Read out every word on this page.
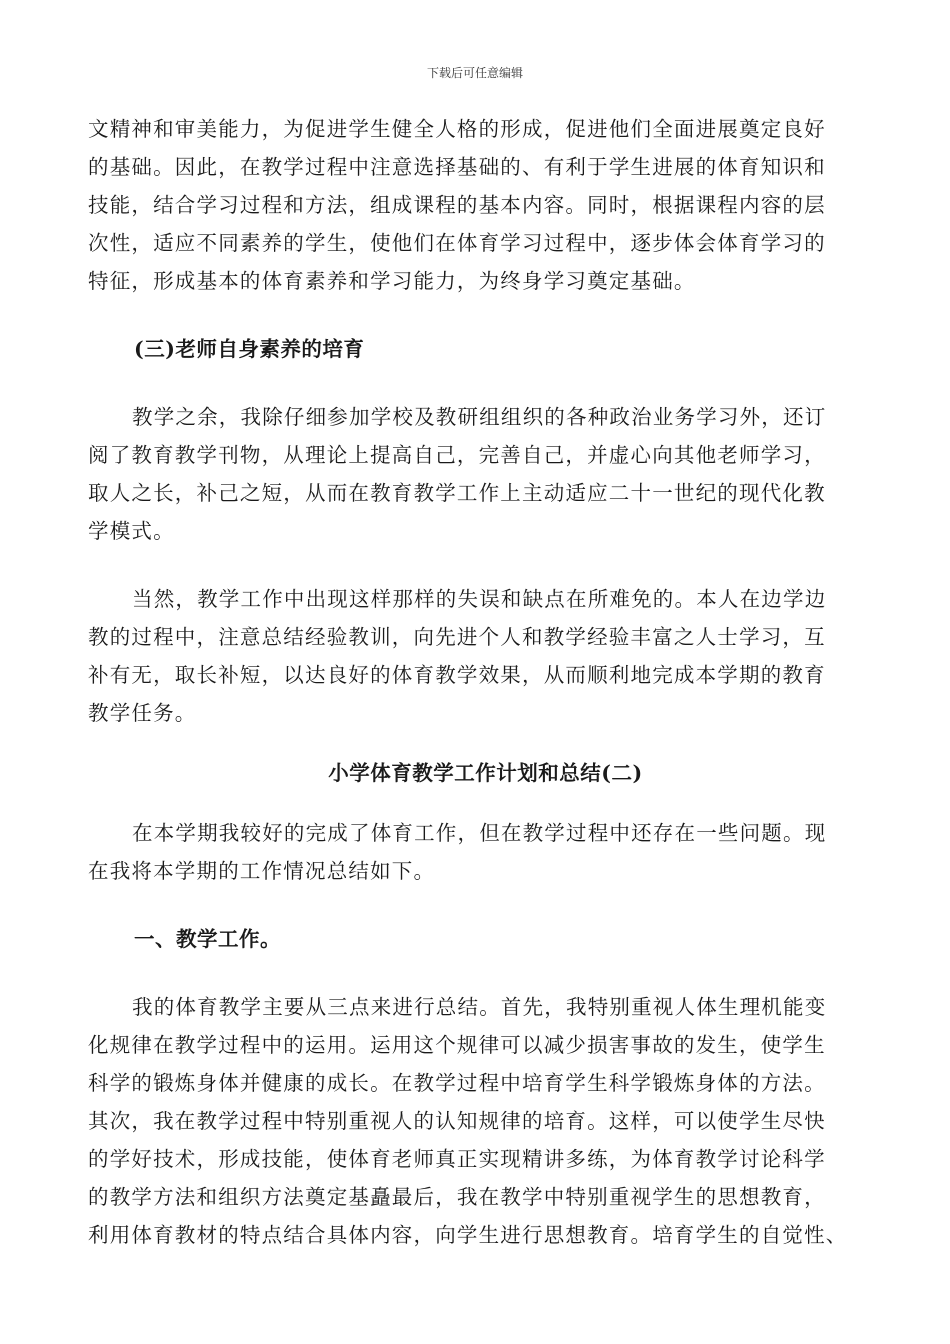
下载后可任意编辑
文精神和审美能力，为促进学生健全人格的形成，促进他们全面进展奠定良好
的基础。因此，在教学过程中注意选择基础的、有利于学生进展的体育知识和
技能，结合学习过程和方法，组成课程的基本内容。同时，根据课程内容的层
次性，适应不同素养的学生，使他们在体育学习过程中，逐步体会体育学习的
特征，形成基本的体育素养和学习能力，为终身学习奠定基础。
(三)老师自身素养的培育
教学之余，我除仔细参加学校及教研组组织的各种政治业务学习外，还订
阅了教育教学刊物，从理论上提高自己，完善自己，并虚心向其他老师学习，
取人之长，补己之短，从而在教育教学工作上主动适应二十一世纪的现代化教
学模式。
当然，教学工作中出现这样那样的失误和缺点在所难免的。本人在边学边
教的过程中，注意总结经验教训，向先进个人和教学经验丰富之人士学习，互
补有无，取长补短，以达良好的体育教学效果，从而顺利地完成本学期的教育
教学任务。
小学体育教学工作计划和总结(二)
在本学期我较好的完成了体育工作，但在教学过程中还存在一些问题。现
在我将本学期的工作情况总结如下。
一、教学工作。
我的体育教学主要从三点来进行总结。首先，我特别重视人体生理机能变
化规律在教学过程中的运用。运用这个规律可以减少损害事故的发生，使学生
科学的锻炼身体并健康的成长。在教学过程中培育学生科学锻炼身体的方法。
其次，我在教学过程中特别重视人的认知规律的培育。这样，可以使学生尽快
的学好技术，形成技能，使体育老师真正实现精讲多练，为体育教学讨论科学
的教学方法和组织方法奠定基矗最后，我在教学中特别重视学生的思想教育，
利用体育教材的特点结合具体内容，向学生进行思想教育。培育学生的自觉性、
